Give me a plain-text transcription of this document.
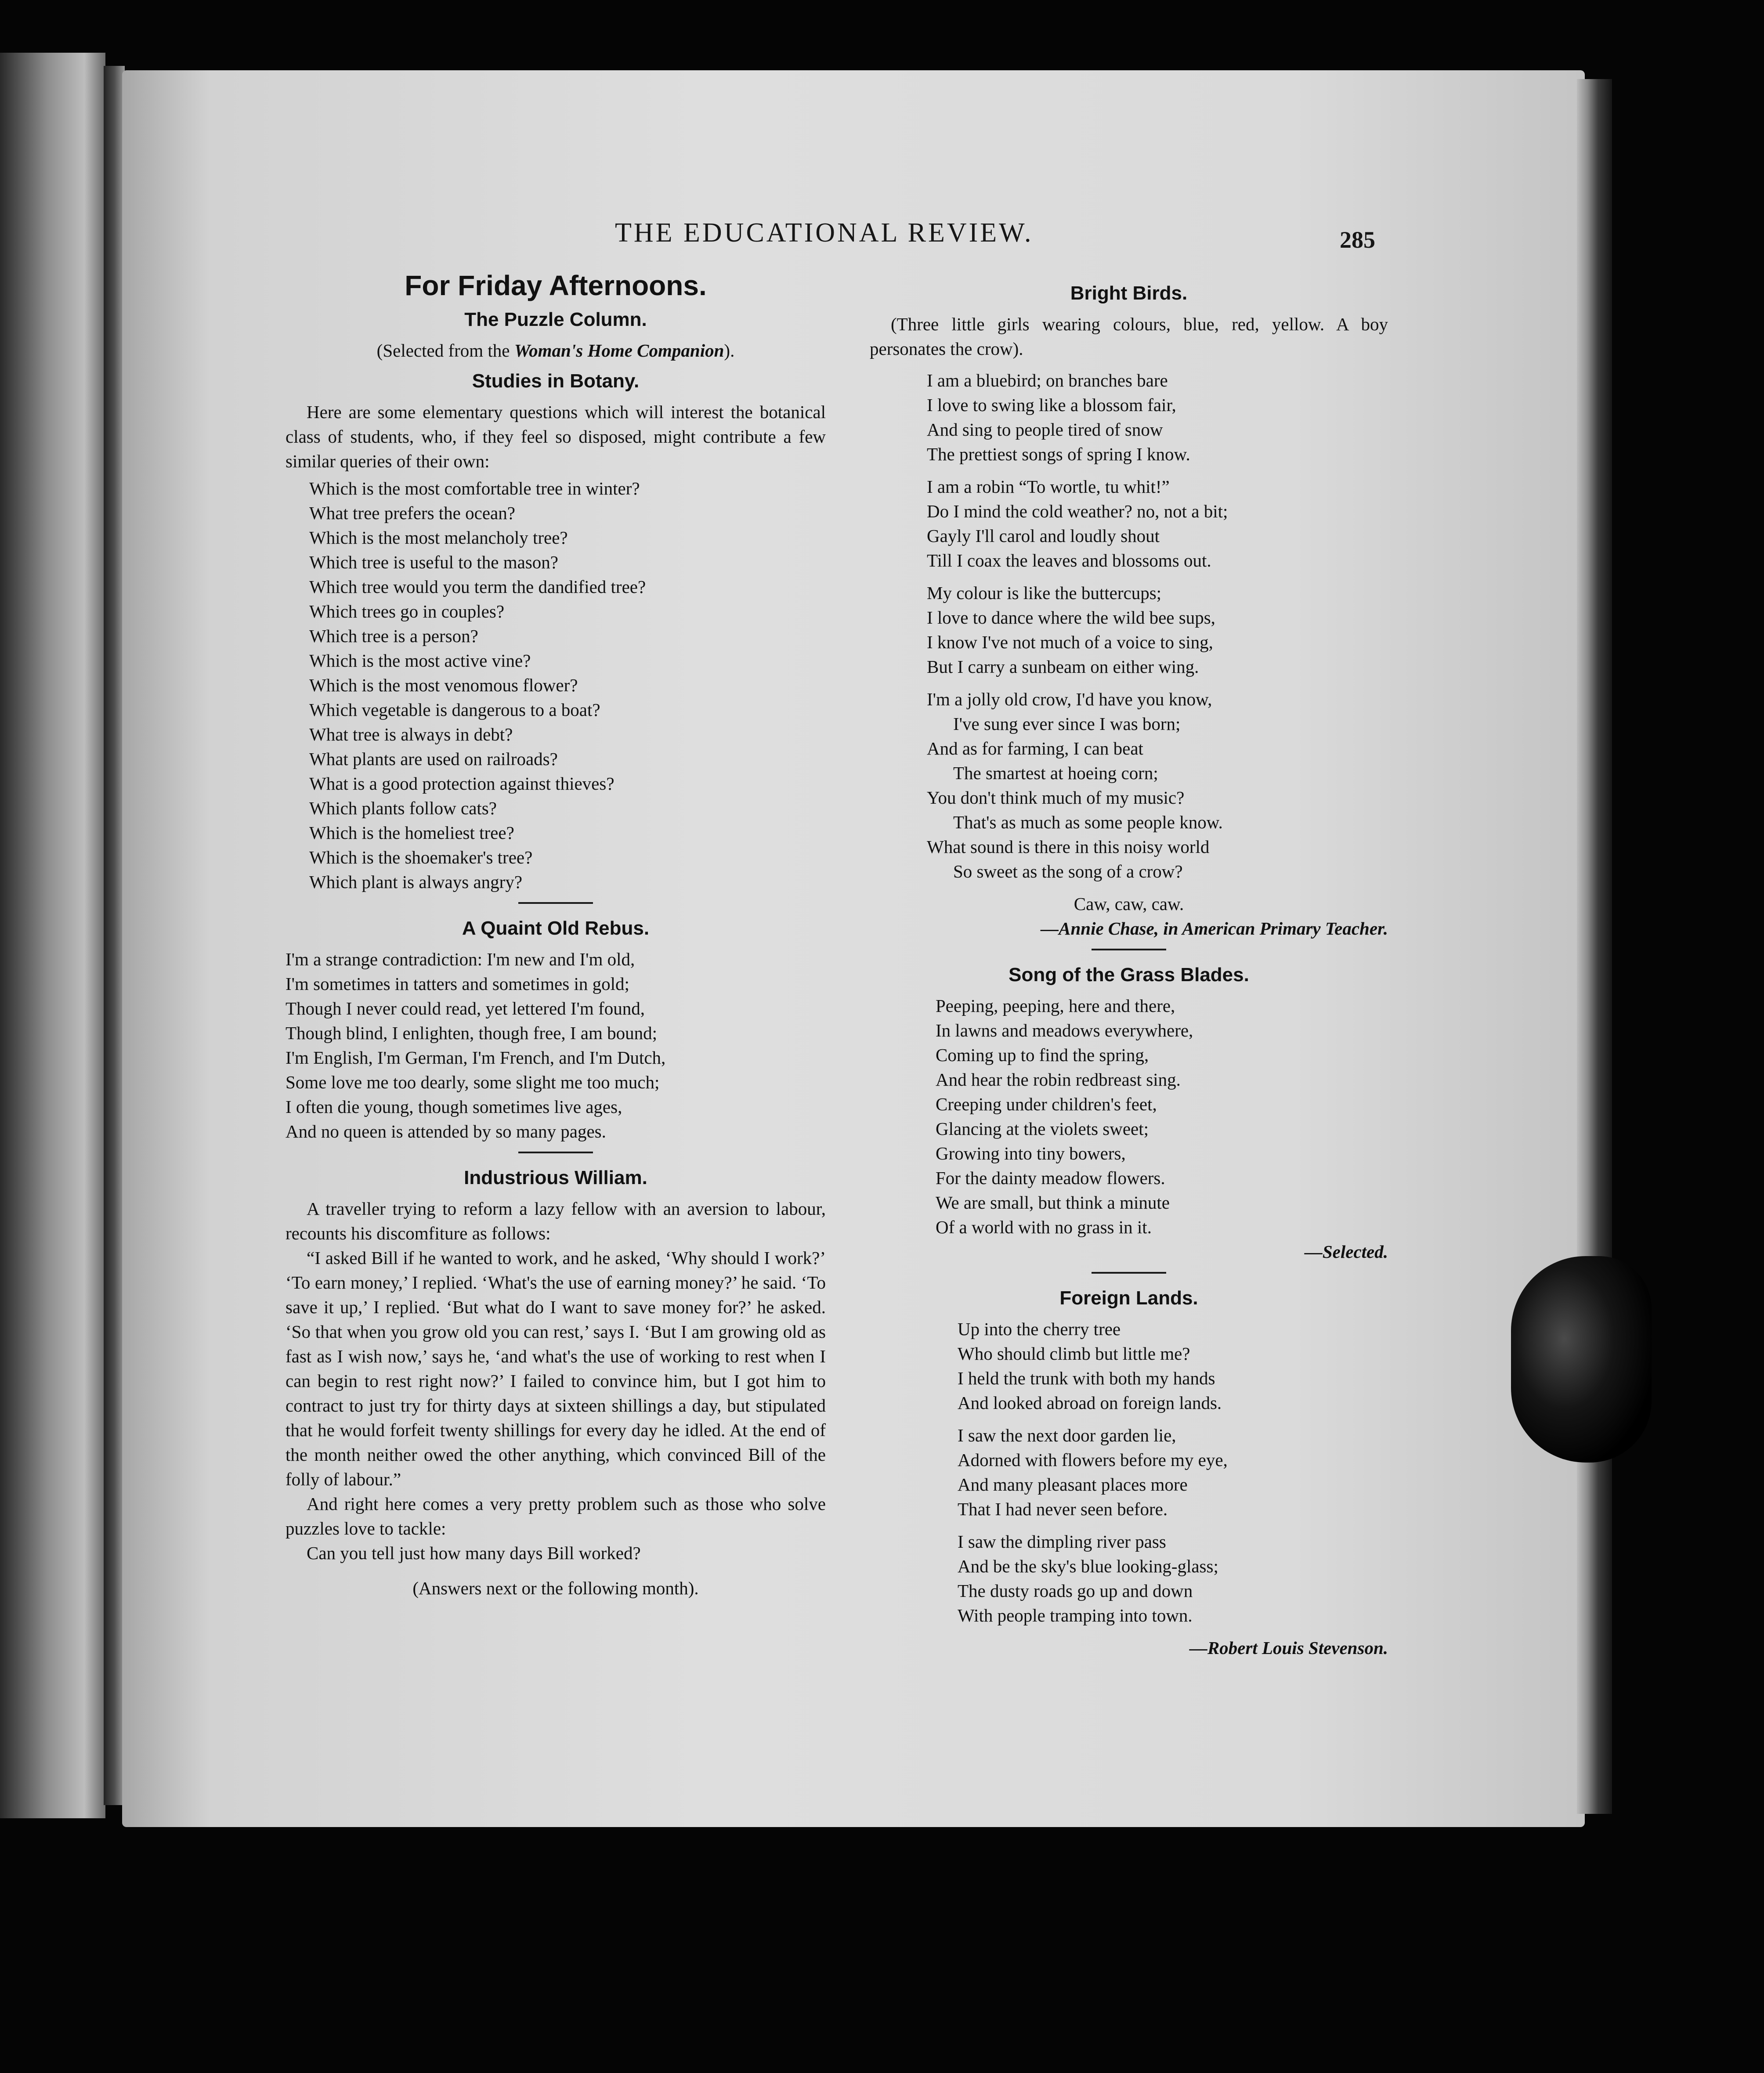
THE EDUCATIONAL REVIEW.	285
For Friday Afternoons.
The Puzzle Column.
(Selected from the Woman's Home Companion).
Studies in Botany.

Here are some elementary questions which will interest the botanical class of students, who, if they feel so disposed, might contribute a few similar queries of their own:

Which is the most comfortable tree in winter?
What tree prefers the ocean?
Which is the most melancholy tree?
Which tree is useful to the mason?
Which tree would you term the dandified tree?
Which trees go in couples?
Which tree is a person?
Which is the most active vine?
Which is the most venomous flower?
Which vegetable is dangerous to a boat?
What tree is always in debt?
What plants are used on railroads?
What is a good protection against thieves?
Which plants follow cats?
Which is the homeliest tree?
Which is the shoemaker's tree?
Which plant is always angry?
A Quaint Old Rebus.
I'm a strange contradiction: I'm new and I'm old,
I'm sometimes in tatters and sometimes in gold;
Though I never could read, yet lettered I'm found,
Though blind, I enlighten, though free, I am bound;
I'm English, I'm German, I'm French, and I'm Dutch,
Some love me too dearly, some slight me too much;
I often die young, though sometimes live ages,
And no queen is attended by so many pages.
Industrious William.

A traveller trying to reform a lazy fellow with an aversion to labour, recounts his discomfiture as follows:

“I asked Bill if he wanted to work, and he asked, ‘Why should I work?’ ‘To earn money,’ I replied. ‘What's the use of earning money?’ he said. ‘To save it up,’ I replied. ‘But what do I want to save money for?’ he asked. ‘So that when you grow old you can rest,’ says I. ‘But I am growing old as fast as I wish now,’ says he, ‘and what's the use of working to rest when I can begin to rest right now?’ I failed to convince him, but I got him to contract to just try for thirty days at sixteen shillings a day, but stipulated that he would forfeit twenty shillings for every day he idled. At the end of the month neither owed the other anything, which convinced Bill of the folly of labour.”

And right here comes a very pretty problem such as those who solve puzzles love to tackle:

Can you tell just how many days Bill worked?

(Answers next or the following month).
Bright Birds.

(Three little girls wearing colours, blue, red, yellow. A boy personates the crow).

I am a bluebird; on branches bare
I love to swing like a blossom fair,
And sing to people tired of snow
The prettiest songs of spring I know.
I am a robin “To wortle, tu whit!”
Do I mind the cold weather? no, not a bit;
Gayly I'll carol and loudly shout
Till I coax the leaves and blossoms out.
My colour is like the buttercups;
I love to dance where the wild bee sups,
I know I've not much of a voice to sing,
But I carry a sunbeam on either wing.
I'm a jolly old crow, I'd have you know,
I've sung ever since I was born;
And as for farming, I can beat
The smartest at hoeing corn;
You don't think much of my music?
That's as much as some people know.
What sound is there in this noisy world
So sweet as the song of a crow?
Caw, caw, caw.
—Annie Chase, in American Primary Teacher.
Song of the Grass Blades.
Peeping, peeping, here and there,
In lawns and meadows everywhere,
Coming up to find the spring,
And hear the robin redbreast sing.
Creeping under children's feet,
Glancing at the violets sweet;
Growing into tiny bowers,
For the dainty meadow flowers.
We are small, but think a minute
Of a world with no grass in it.
—Selected.
Foreign Lands.
Up into the cherry tree
Who should climb but little me?
I held the trunk with both my hands
And looked abroad on foreign lands.
I saw the next door garden lie,
Adorned with flowers before my eye,
And many pleasant places more
That I had never seen before.
I saw the dimpling river pass
And be the sky's blue looking-glass;
The dusty roads go up and down
With people tramping into town.
—Robert Louis Stevenson.
